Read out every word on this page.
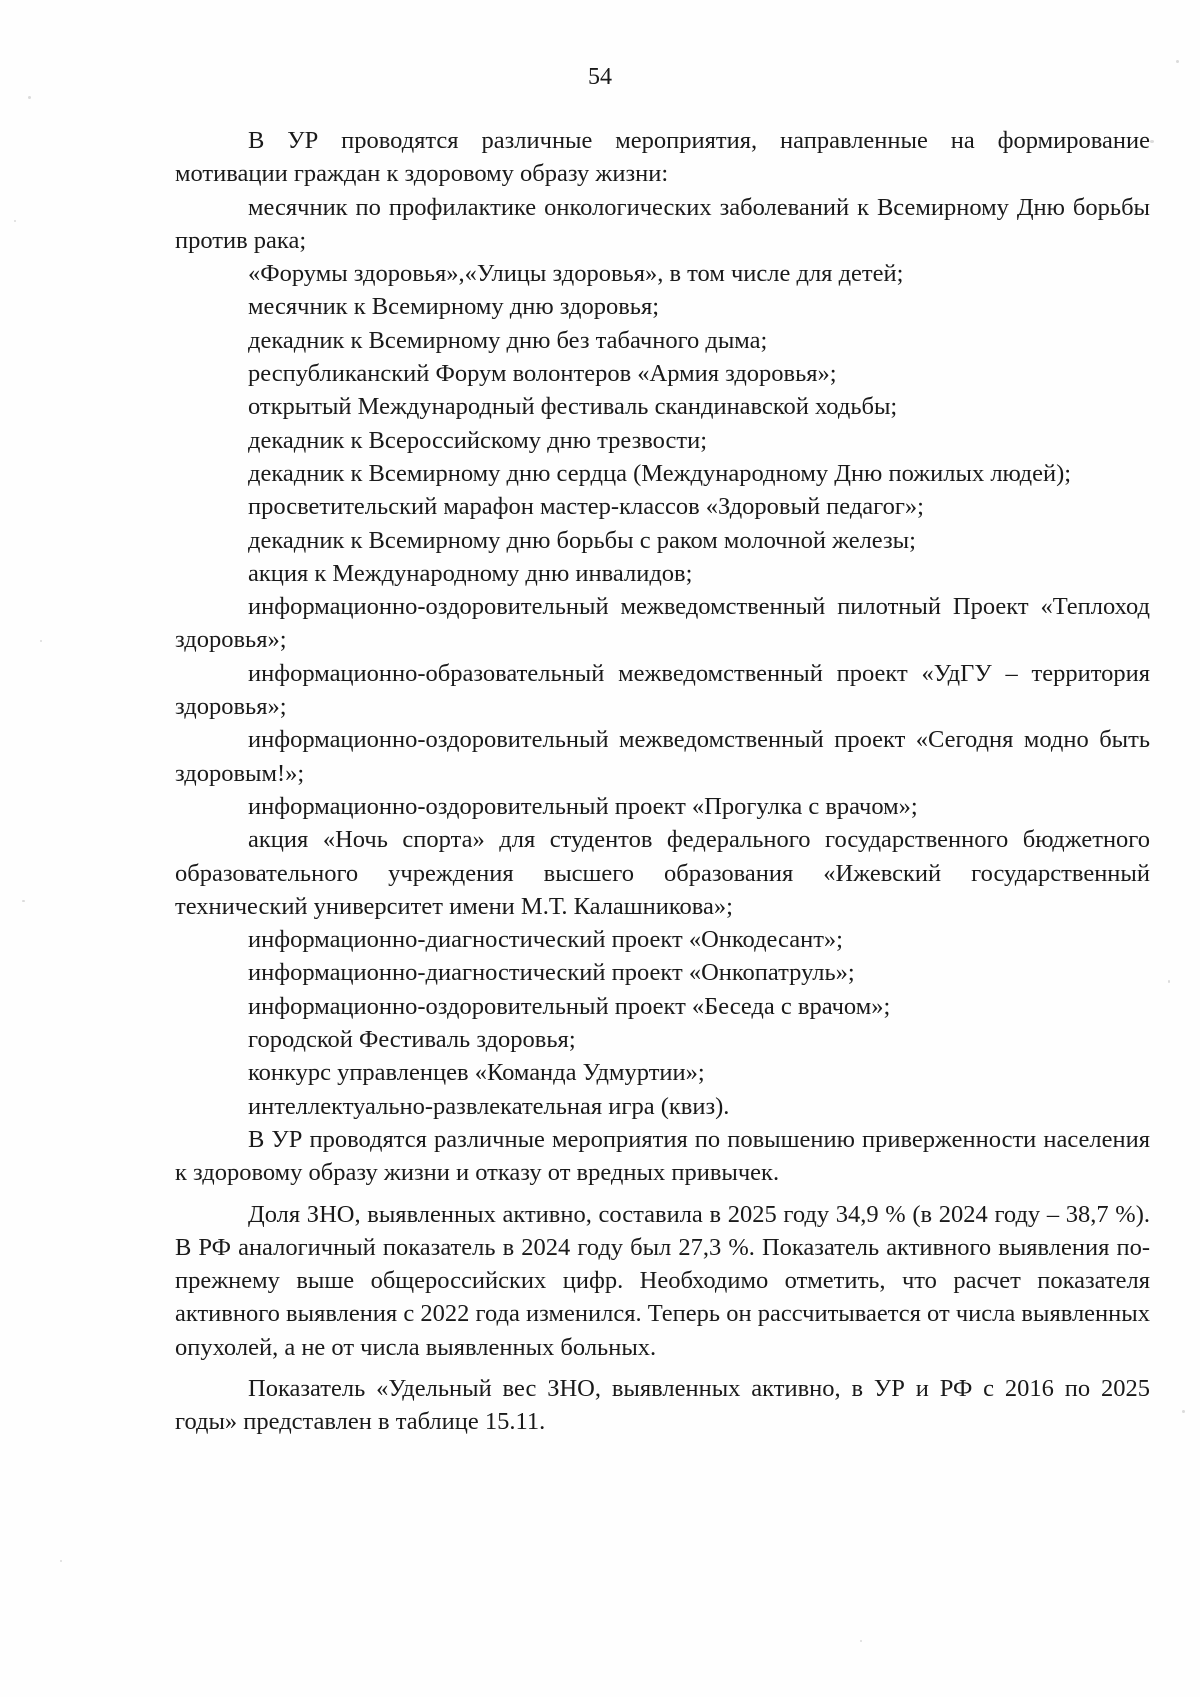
54

В УР проводятся различные мероприятия, направленные на формирование мотивации граждан к здоровому образу жизни:

месячник по профилактике онкологических заболеваний к Всемирному Дню борьбы против рака;

«Форумы здоровья»,«Улицы здоровья», в том числе для детей;

месячник к Всемирному дню здоровья;

декадник к Всемирному дню без табачного дыма;

республиканский Форум волонтеров «Армия здоровья»;

открытый Международный фестиваль скандинавской ходьбы;

декадник к Всероссийскому дню трезвости;

декадник к Всемирному дню сердца (Международному Дню пожилых людей);

просветительский марафон мастер-классов «Здоровый педагог»;

декадник к Всемирному дню борьбы с раком молочной железы;

акция к Международному дню инвалидов;

информационно-оздоровительный межведомственный пилотный Проект «Теплоход здоровья»;

информационно-образовательный межведомственный проект «УдГУ – территория здоровья»;

информационно-оздоровительный межведомственный проект «Сегодня модно быть здоровым!»;

информационно-оздоровительный проект «Прогулка с врачом»;

акция «Ночь спорта» для студентов федерального государственного бюджетного образовательного учреждения высшего образования «Ижевский государственный технический университет имени М.Т. Калашникова»;

информационно-диагностический проект «Онкодесант»;

информационно-диагностический проект «Онкопатруль»;

информационно-оздоровительный проект «Беседа с врачом»;

городской Фестиваль здоровья;

конкурс управленцев «Команда Удмуртии»;

интеллектуально-развлекательная игра (квиз).

В УР проводятся различные мероприятия по повышению приверженности населения к здоровому образу жизни и отказу от вредных привычек.

Доля ЗНО, выявленных активно, составила в 2025 году 34,9 % (в 2024 году – 38,7 %). В РФ аналогичный показатель в 2024 году был 27,3 %. Показатель активного выявления по-прежнему выше общероссийских цифр. Необходимо отметить, что расчет показателя активного выявления с 2022 года изменился. Теперь он рассчитывается от числа выявленных опухолей, а не от числа выявленных больных.

Показатель «Удельный вес ЗНО, выявленных активно, в УР и РФ с 2016 по 2025 годы» представлен в таблице 15.11.
